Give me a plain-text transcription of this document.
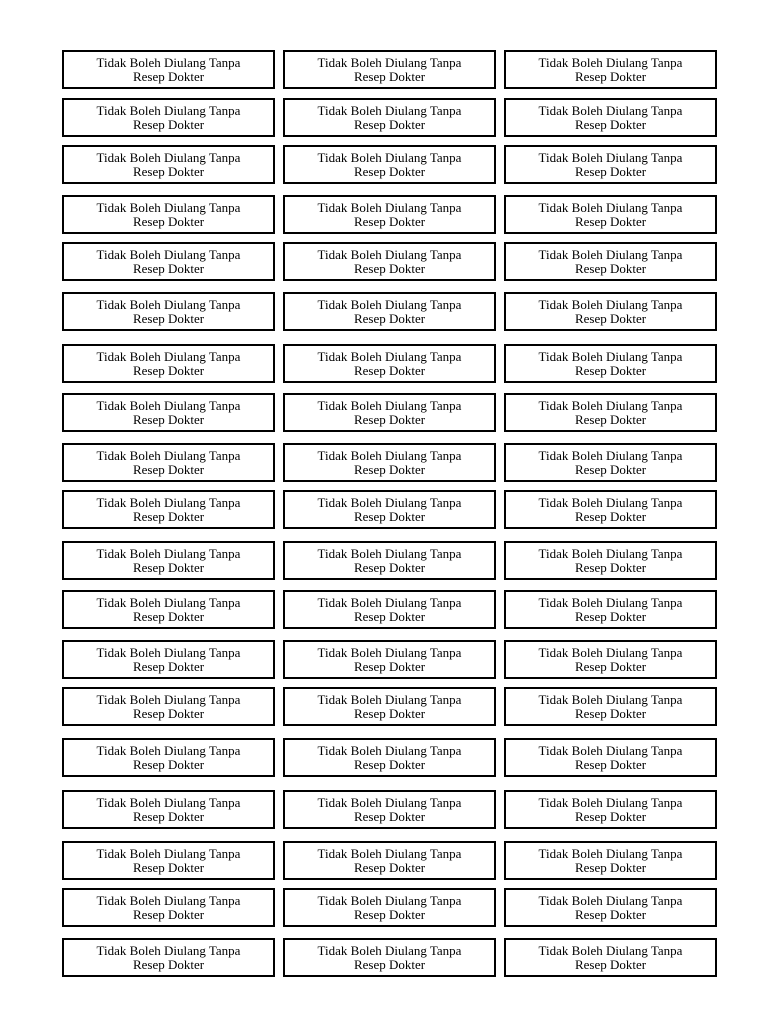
Tidak Boleh Diulang Tanpa
Resep Dokter
Tidak Boleh Diulang Tanpa
Resep Dokter
Tidak Boleh Diulang Tanpa
Resep Dokter
Tidak Boleh Diulang Tanpa
Resep Dokter
Tidak Boleh Diulang Tanpa
Resep Dokter
Tidak Boleh Diulang Tanpa
Resep Dokter
Tidak Boleh Diulang Tanpa
Resep Dokter
Tidak Boleh Diulang Tanpa
Resep Dokter
Tidak Boleh Diulang Tanpa
Resep Dokter
Tidak Boleh Diulang Tanpa
Resep Dokter
Tidak Boleh Diulang Tanpa
Resep Dokter
Tidak Boleh Diulang Tanpa
Resep Dokter
Tidak Boleh Diulang Tanpa
Resep Dokter
Tidak Boleh Diulang Tanpa
Resep Dokter
Tidak Boleh Diulang Tanpa
Resep Dokter
Tidak Boleh Diulang Tanpa
Resep Dokter
Tidak Boleh Diulang Tanpa
Resep Dokter
Tidak Boleh Diulang Tanpa
Resep Dokter
Tidak Boleh Diulang Tanpa
Resep Dokter
Tidak Boleh Diulang Tanpa
Resep Dokter
Tidak Boleh Diulang Tanpa
Resep Dokter
Tidak Boleh Diulang Tanpa
Resep Dokter
Tidak Boleh Diulang Tanpa
Resep Dokter
Tidak Boleh Diulang Tanpa
Resep Dokter
Tidak Boleh Diulang Tanpa
Resep Dokter
Tidak Boleh Diulang Tanpa
Resep Dokter
Tidak Boleh Diulang Tanpa
Resep Dokter
Tidak Boleh Diulang Tanpa
Resep Dokter
Tidak Boleh Diulang Tanpa
Resep Dokter
Tidak Boleh Diulang Tanpa
Resep Dokter
Tidak Boleh Diulang Tanpa
Resep Dokter
Tidak Boleh Diulang Tanpa
Resep Dokter
Tidak Boleh Diulang Tanpa
Resep Dokter
Tidak Boleh Diulang Tanpa
Resep Dokter
Tidak Boleh Diulang Tanpa
Resep Dokter
Tidak Boleh Diulang Tanpa
Resep Dokter
Tidak Boleh Diulang Tanpa
Resep Dokter
Tidak Boleh Diulang Tanpa
Resep Dokter
Tidak Boleh Diulang Tanpa
Resep Dokter
Tidak Boleh Diulang Tanpa
Resep Dokter
Tidak Boleh Diulang Tanpa
Resep Dokter
Tidak Boleh Diulang Tanpa
Resep Dokter
Tidak Boleh Diulang Tanpa
Resep Dokter
Tidak Boleh Diulang Tanpa
Resep Dokter
Tidak Boleh Diulang Tanpa
Resep Dokter
Tidak Boleh Diulang Tanpa
Resep Dokter
Tidak Boleh Diulang Tanpa
Resep Dokter
Tidak Boleh Diulang Tanpa
Resep Dokter
Tidak Boleh Diulang Tanpa
Resep Dokter
Tidak Boleh Diulang Tanpa
Resep Dokter
Tidak Boleh Diulang Tanpa
Resep Dokter
Tidak Boleh Diulang Tanpa
Resep Dokter
Tidak Boleh Diulang Tanpa
Resep Dokter
Tidak Boleh Diulang Tanpa
Resep Dokter
Tidak Boleh Diulang Tanpa
Resep Dokter
Tidak Boleh Diulang Tanpa
Resep Dokter
Tidak Boleh Diulang Tanpa
Resep Dokter
